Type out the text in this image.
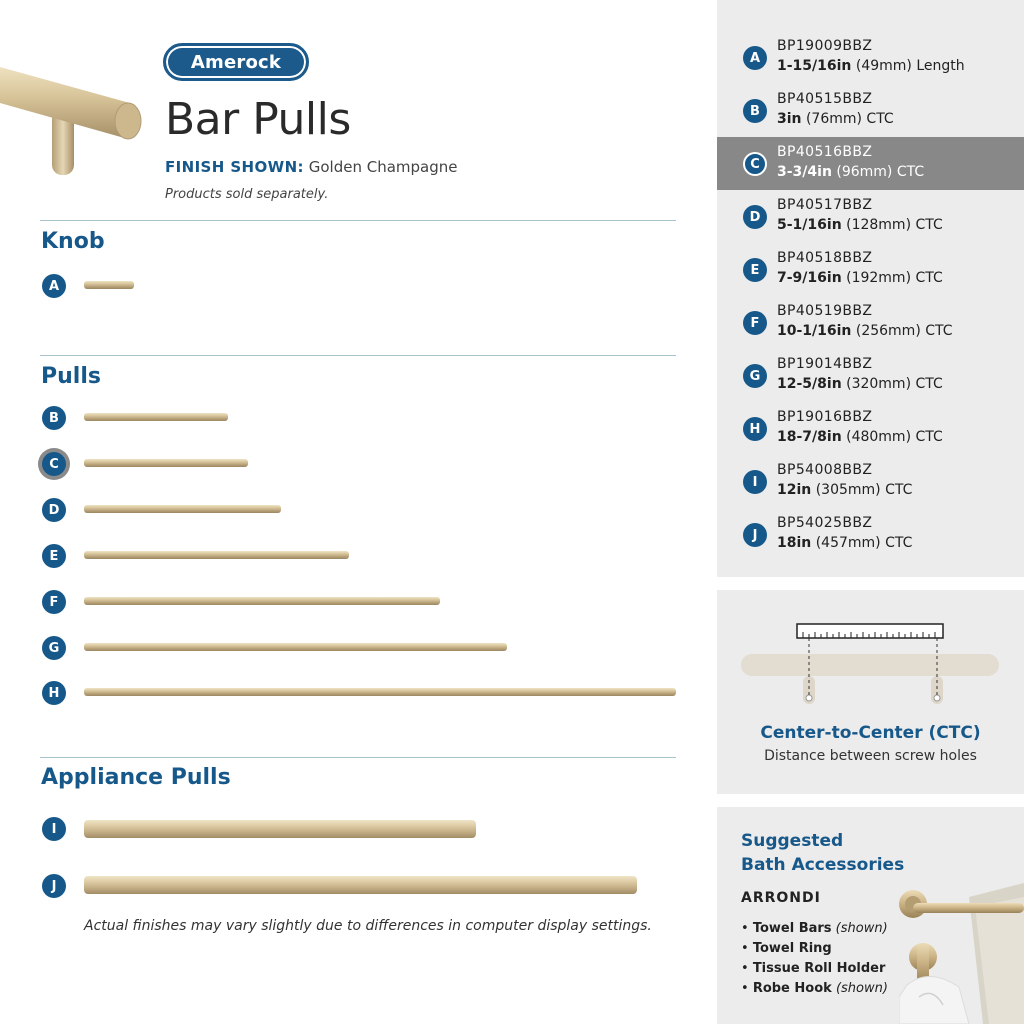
Amerock
Bar Pulls
FINISH SHOWN: Golden Champagne
Products sold separately.
Knob
A
Pulls
B
C
D
E
F
G
H
Appliance Pulls
I
J
Actual finishes may vary slightly due to differences in computer display settings.
A
BP19009BBZ
1-15/16in (49mm) Length
B
BP40515BBZ
3in (76mm) CTC
C
BP40516BBZ
3-3/4in (96mm) CTC
D
BP40517BBZ
5-1/16in (128mm) CTC
E
BP40518BBZ
7-9/16in (192mm) CTC
F
BP40519BBZ
10-1/16in (256mm) CTC
G
BP19014BBZ
12-5/8in (320mm) CTC
H
BP19016BBZ
18-7/8in (480mm) CTC
I
BP54008BBZ
12in (305mm) CTC
J
BP54025BBZ
18in (457mm) CTC
Center-to-Center (CTC)
Distance between screw holes
Suggested
Bath Accessories
ARRONDI
• Towel Bars (shown)
• Towel Ring
• Tissue Roll Holder
• Robe Hook (shown)
